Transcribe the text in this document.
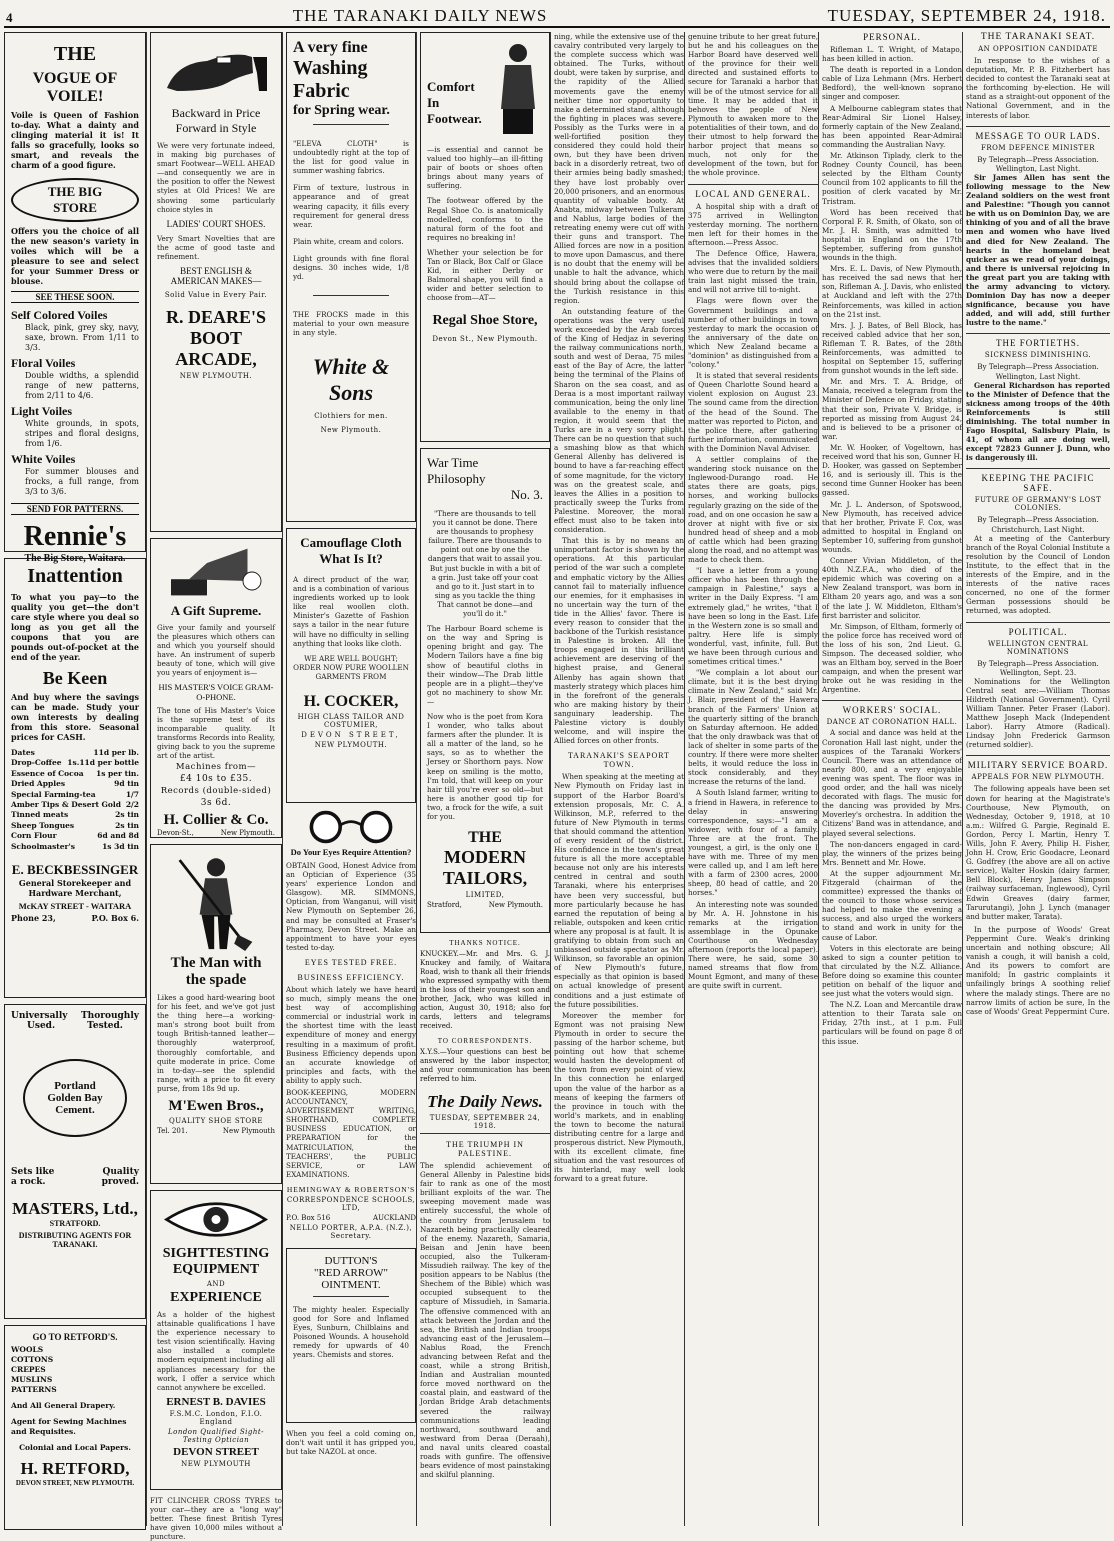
4	THE TARANAKI DAILY NEWS	TUESDAY, SEPTEMBER 24, 1918.
THE
VOGUE OF VOILE!
Voile is Queen of Fashion to-day. What a dainty and clinging material it is! It falls so gracefully, looks so smart, and reveals the charm of a good figure.
THE BIG STORE
Offers you the choice of all the new season's variety in voiles which will be a pleasure to see and select for your Summer Dress or blouse.
SEE THESE SOON.
Self Colored Voiles
Black, pink, grey sky, navy, saxe, brown. From 1/11 to 3/3.
Floral Voiles
Double widths, a splendid range of new patterns, from 2/11 to 4/6.
Light Voiles
White grounds, in spots, stripes and floral designs, from 1/6.
White Voiles
For summer blouses and frocks, a full range, from 3/3 to 3/6.
SEND FOR PATTERNS.
Rennie's
The Big Store, Waitara.
Inattention
To what you pay—to the quality you get—the don't care style where you deal so long as you get all the coupons that you are pounds out-of-pocket at the end of the year.
Be Keen
And buy where the savings can be made. Study your own interests by dealing from this store. Seasonal prices for CASH.
Dates	11d per lb.
Drop-Coffee 1s.11d per bottle
Essence of Cocoa 1s per tin.
Dried Apples	9d tin
Special Farming-tea	1/7
Amber Tips & Desert Gold 2/2
Tinned meats	2s tin
Sheep Tongues	2s tin
Corn Flour	6d and 8d
Schoolmaster's	1s 3d tin
E. BECKBESSINGER
General Storekeeper and Hardware Merchant,
McKAY STREET - WAITARA
Phone 23,	P.O. Box 6.
Universally Thoroughly
Used.	Tested.
Portland
Golden Bay
Cement.
Sets like	Quality
a rock.	proved.
MASTERS, Ltd.,
STRATFORD.
DISTRIBUTING AGENTS FOR TARANAKI.
GO TO RETFORD'S.
WOOLS
COTTONS
CREPES
MUSLINS
PATTERNS
And All General Drapery.
Agent for Sewing Machines and Requisites.
Colonial and Local Papers.
H. RETFORD,
DEVON STREET, NEW PLYMOUTH.
Backward in Price
Forward in Style
We were very fortunate indeed, in making big purchases of smart Footwear—WELL AHEAD—and consequently we are in the position to offer the Newest styles at Old Prices! We are showing some particularly choice styles in
LADIES' COURT SHOES.
Very Smart Novelties that are the acme of good taste and refinement.
BEST ENGLISH & AMERICAN MAKES—
Solid Value in Every Pair.
R. DEARE'S
BOOT
ARCADE,
NEW PLYMOUTH.
A Gift Supreme.
Give your family and yourself the pleasures which others can and which you yourself should have. An instrument of superb beauty of tone, which will give you years of enjoyment is—
HIS MASTER'S VOICE GRAM-O-PHONE.
The tone of His Master's Voice is the supreme test of its incomparable quality. It transforms Records into Reality, giving back to you the supreme art of the artist.
Machines from—
£4 10s to £35.
Records (double-sided)
3s 6d.
H. Collier & Co.
Devon-St.,	New Plymouth.
The Man with
the spade
Likes a good hard-wearing boot for his feet, and we've got just the thing here—a working-man's strong boot built from tough British-tanned leather—thoroughly waterproof, thoroughly comfortable, and quite moderate in price. Come in to-day—see the splendid range, with a price to fit every purse, from 18s 9d up.
M'Ewen Bros.,
QUALITY SHOE STORE
Tel. 201.	New Plymouth
SIGHTTESTING
EQUIPMENT
AND
EXPERIENCE
As a holder of the highest attainable qualifications I have the experience necessary to test vision scientifically. Having also installed a complete modern equipment including all appliances necessary for the work, I offer a service which cannot anywhere be excelled.
ERNEST B. DAVIES
F.S.M.C. London, F.I.O. England
London Qualified Sight-Testing Optician
DEVON STREET
NEW PLYMOUTH
FIT CLINCHER CROSS TYRES to your car—they are a "long way" better. These finest British Tyres have given 10,000 miles without a puncture.
A very fine
Washing
Fabric
for Spring wear.
"ELEVA CLOTH" is undoubtedly right at the top of the list for good value in summer washing fabrics.
Firm of texture, lustrous in appearance and of great wearing capacity, it fills every requirement for general dress wear.
Plain white, cream and colors.
Light grounds with fine floral designs. 30 inches wide, 1/8 yd.
THE FROCKS made in this material to your own measure in any style.
White & Sons
Clothiers for men.
New Plymouth.
Camouflage Cloth
What Is It?
A direct product of the war, and is a combination of various ingredients worked up to look like real woollen cloth. Minister's Gazette of Fashion says a tailor in the near future will have no difficulty in selling anything that looks like cloth.
WE ARE WELL BOUGHT; ORDER NOW PURE WOOLLEN GARMENTS FROM
H. COCKER,
HIGH CLASS TAILOR AND COSTUMIER,
DEVON STREET,
NEW PLYMOUTH.
Do Your Eyes Require Attention?
OBTAIN Good, Honest Advice from an Optician of Experience (35 years' experience London and Glasgow). MR. SIMMONS, Optician, from Wanganui, will visit New Plymouth on September 26, and may be consulted at Fraser's Pharmacy, Devon Street. Make an appointment to have your eyes tested to-day.
EYES TESTED FREE.
BUSINESS EFFICIENCY.
About which lately we have heard so much, simply means the one best way of accomplishing commercial or industrial work in the shortest time with the least expenditure of money and energy resulting in a maximum of profit. Business Efficiency depends upon an accurate knowledge of principles and facts, with the ability to apply such.
BOOK-KEEPING, MODERN ACCOUNTANCY, ADVERTISEMENT WRITING, SHORTHAND, COMPLETE BUSINESS EDUCATION, or PREPARATION for the MATRICULATION, the TEACHERS', the PUBLIC SERVICE, or LAW EXAMINATIONS.
HEMINGWAY & ROBERTSON'S
CORRESPONDENCE SCHOOLS, LTD,
P.O. Box 516	AUCKLAND
NELLO PORTER, A.P.A. (N.Z.), Secretary.
DUTTON'S
"RED ARROW"
OINTMENT.
The mighty healer. Especially good for Sore and Inflamed Eyes, Sunburn, Chilblains and Poisoned Wounds. A household remedy for upwards of 40 years. Chemists and stores.
When you feel a cold coming on, don't wait until it has gripped you, but take NAZOL at once.
Comfort
In
Footwear.
—is essential and cannot be valued too highly—an ill-fitting pair of boots or shoes often brings about many years of suffering.
The footwear offered by the Regal Shoe Co. is anatomically modelled, conforms to the natural form of the foot and requires no breaking in!
Whether your selection be for Tan or Black, Box Calf or Glace Kid, in either Derby or Balmoral shape, you will find a wider and better selection to choose from—AT—
Regal Shoe Store,
Devon St., New Plymouth.
War Time
Philosophy
No. 3.
"There are thousands to tell you it cannot be done. There are thousands to prophesy failure. There are thousands to point out one by one the dangers that wait to assail you. But just buckle in with a bit of a grin. Just take off your coat and go to it. Just start in to sing as you tackle the thing That cannot be done—and you'll do it."
The Harbour Board scheme is on the way and Spring is opening bright and gay. The Modern Tailors have a fine big show of beautiful cloths in their window—The Drab little people are in a plight—they've got no machinery to show Mr.—
Now who is the poet from Kora I wonder, who talks about farmers after the plunder. It is all a matter of the land, so he says, so as to whether the Jersey or Shorthorn pays. Now keep on smiling is the motto, I'm told, that will keep on your hair till you're ever so old—but here is another good tip for two, a frock for the wife, a suit for you.
THE
MODERN
TAILORS,
LIMITED,
Stratford,	New Plymouth.
THANKS NOTICE.
KNUCKEY.—Mr. and Mrs. G. J. Knuckey and family, of Waitara Road, wish to thank all their friends who expressed sympathy with them in the loss of their youngest son and brother, Jack, who was killed in action, August 30, 1918; also for cards, letters and telegrams received.
TO CORRESPONDENTS.
X.Y.S.—Your questions can best be answered by the labor inspector, and your communication has been referred to him.
The Daily News.
TUESDAY, SEPTEMBER 24, 1918.
THE TRIUMPH IN PALESTINE.
The splendid achievement of General Allenby in Palestine bids fair to rank as one of the most brilliant exploits of the war. The sweeping movement made was entirely successful, the whole of the country from Jerusalem to Nazareth being practically cleared of the enemy. Nazareth, Samaria, Beisan and Jenin have been occupied, also the Tulkeram-Missudieh railway. The key of the position appears to be Nablus (the Shechem of the Bible) which was occupied subsequent to the capture of Missudieh, in Samaria. The offensive commenced with an attack between the Jordan and the sea, the British and Indian troops advancing east of the Jerusalem—Nablus Road, the French advancing between Refat and the coast, while a strong British, Indian and Australian mounted force moved northward on the coastal plain, and eastward of the Jordan Bridge Arab detachments severed the railway communications leading northward, southward and westward from Deraa (Deraah), and naval units cleared coastal roads with gunfire. The offensive bears evidence of most painstaking and skilful planning.
ning, while the extensive use of the cavalry contributed very largely to the complete success which was obtained. The Turks, without doubt, were taken by surprise, and the rapidity of the Allied movements gave the enemy neither time nor opportunity to make a determined stand, although the fighting in places was severe. Possibly as the Turks were in a well-fortified position they considered they could hold their own, but they have been driven back in a disorderly retreat, two of their armies being badly smashed; they have lost probably over 20,000 prisoners, and an enormous quantity of valuable booty. At Anabta, midway between Tulkeram and Nablus, large bodies of the retreating enemy were cut off with their guns and transport. The Allied forces are now in a position to move upon Damascus, and there is no doubt that the enemy will be unable to halt the advance, which should bring about the collapse of the Turkish resistance in this region.
An outstanding feature of the operations was the very useful work exceeded by the Arab forces of the King of Hedjaz in severing the railway communications north, south and west of Deraa, 75 miles east of the Bay of Acre, the latter being the terminal of the Plains of Sharon on the sea coast, and as Deraa is a most important railway communication, being the only line available to the enemy in that region, it would seem that the Turks are in a very sorry plight. There can be no question that such a smashing blow as that which General Allenby has delivered is bound to have a far-reaching effect of some magnitude, for the victory was on the greatest scale, and leaves the Allies in a position to practically sweep the Turks from Palestine. Moreover, the moral effect must also to be taken into consideration.
That this is by no means an unimportant factor is shown by the operations. At this particular period of the war such a complete and emphatic victory by the Allies cannot fail to materially influence our enemies, for it emphasises in no uncertain way the turn of the tide in the Allies' favor. There is every reason to consider that the backbone of the Turkish resistance in Palestine is broken. All the troops engaged in this brilliant achievement are deserving of the highest praise, and General Allenby has again shown that masterly strategy which places him in the forefront of the generals who are making history by their sanguinary leadership. The Palestine victory is doubly welcome, and will inspire the Allied forces on other fronts.
TARANAKI'S SEAPORT TOWN.
When speaking at the meeting at New Plymouth on Friday last in support of the Harbor Board's extension proposals, Mr. C. A. Wilkinson, M.P., referred to the future of New Plymouth in terms that should command the attention of every resident of the district. His confidence in the town's great future is all the more acceptable because not only are his interests centred in central and south Taranaki, where his enterprises have been very successful, but more particularly because he has earned the reputation of being a reliable, outspoken and keen critic where any proposal is at fault. It is gratifying to obtain from such an unbiassed outside spectator as Mr. Wilkinson, so favorable an opinion of New Plymouth's future, especially as that opinion is based on actual knowledge of present conditions and a just estimate of the future possibilities.
Moreover the member for Egmont was not praising New Plymouth in order to secure the passing of the harbor scheme, but pointing out how that scheme would hasten the development of the town from every point of view. In this connection he enlarged upon the value of the harbor as a means of keeping the farmers of the province in touch with the world's markets, and in enabling the town to become the natural distributing centre for a large and prosperous district. New Plymouth, with its excellent climate, fine situation and the vast resources of its hinterland, may well look forward to a great future.
genuine tribute to her great future, but he and his colleagues on the Harbor Board have deserved well of the province for their well directed and sustained efforts to secure for Taranaki a harbor that will be of the utmost service for all time. It may be added that it behoves the people of New Plymouth to awaken more to the potentialities of their town, and do their utmost to help forward the harbor project that means so much, not only for the development of the town, but for the whole province.
LOCAL AND GENERAL.
A hospital ship with a draft of 375 arrived in Wellington yesterday morning. The northern men left for their homes in the afternoon.—Press Assoc.
The Defence Office, Hawera, advises that the invalided soldiers who were due to return by the mail train last night missed the train, and will not arrive till to-night.
Flags were flown over the Government buildings and a number of other buildings in town yesterday to mark the occasion of the anniversary of the date on which New Zealand became a "dominion" as distinguished from a "colony."
It is stated that several residents of Queen Charlotte Sound heard a violent explosion on August 23. The sound came from the direction of the head of the Sound. The matter was reported to Picton, and the police there, after gathering further information, communicated with the Dominion Naval Adviser.
A settler complains of the wandering stock nuisance on the Inglewood-Durango road. He states there are goats, pigs, horses, and working bullocks regularly grazing on the side of the road, and on one occasion he saw a drover at night with five or six hundred head of sheep and a mob of cattle which had been grazing along the road, and no attempt was made to check them.
"I have a letter from a young officer who has been through the campaign in Palestine," says a writer in the Daily Express. "I am extremely glad," he writes, "that I have been so long in the East. Life in the Western zone is so small and paltry. Here life is simply wonderful, vast, infinite, full. But we have been through curious and sometimes critical times."
"We complain a lot about our climate, but it is the best drying climate in New Zealand," said Mr. J. Blair, president of the Hawera branch of the Farmers' Union at the quarterly sitting of the branch on Saturday afternoon. He added that the only drawback was that of lack of shelter in some parts of the country. If there were more shelter belts, it would reduce the loss in stock considerably, and they increase the returns of the land.
A South Island farmer, writing to a friend in Hawera, in reference to delay in answering correspondence, says:—"I am a widower, with four of a family. Three are at the front. The youngest, a girl, is the only one I have with me. Three of my men were called up, and I am left here with a farm of 2300 acres, 2000 sheep, 80 head of cattle, and 20 horses."
An interesting note was sounded by Mr. A. H. Johnstone in his remarks at the irrigation assemblage in the Opunake Courthouse on Wednesday afternoon (reports the local paper). There were, he said, some 30 named streams that flow from Mount Egmont, and many of these are quite swift in current.
PERSONAL.
Rifleman L. T. Wright, of Matapo, has been killed in action.
The death is reported in a London cable of Liza Lehmann (Mrs. Herbert Bedford), the well-known soprano singer and composer.
A Melbourne cablegram states that Rear-Admiral Sir Lionel Halsey, formerly captain of the New Zealand, has been appointed Rear-Admiral commanding the Australian Navy.
Mr. Atkinson Tiplady, clerk to the Rodney County Council, has been selected by the Eltham County Council from 102 applicants to fill the position of clerk vacated by Mr. Tristram.
Word has been received that Corporal F. R. Smith, of Okato, son of Mr. J. H. Smith, was admitted to hospital in England on the 17th September, suffering from gunshot wounds in the thigh.
Mrs. E. L. Davis, of New Plymouth, has received the sad news that her son, Rifleman A. J. Davis, who enlisted at Auckland and left with the 27th Reinforcements, was killed in action on the 21st inst.
Mrs. J. J. Bates, of Bell Block, has received cabled advice that her son, Rifleman T. R. Bates, of the 28th Reinforcements, was admitted to hospital on September 15, suffering from gunshot wounds in the left side.
Mr. and Mrs. T. A. Bridge, of Manaia, received a telegram from the Minister of Defence on Friday, stating that their son, Private V. Bridge, is reported as missing from August 24, and is believed to be a prisoner of war.
Mr. W. Hooker, of Vogeltown, has received word that his son, Gunner H. D. Hooker, was gassed on September 16, and is seriously ill. This is the second time Gunner Hooker has been gassed.
Mr. J. L. Anderson, of Spotswood, New Plymouth, has received advice that her brother, Private F. Cox, was admitted to hospital in England on September 10, suffering from gunshot wounds.
Conner Vivian Middleton, of the 40th N.Z.F.A., who died of the epidemic which was covering on a New Zealand transport, was born in Eltham 20 years ago, and was a son of the late J. W. Middleton, Eltham's first barrister and solicitor.
Mr. Simpson, of Eltham, formerly of the police force has received word of the loss of his son, 2nd Lieut. G. Simpson. The deceased soldier, who was an Eltham boy, served in the Boer campaign, and when the present war broke out he was residing in the Argentine.
WORKERS' SOCIAL.
DANCE AT CORONATION HALL.
A social and dance was held at the Coronation Hall last night, under the auspices of the Taranaki Workers' Council. There was an attendance of nearly 800, and a very enjoyable evening was spent. The floor was in good order, and the hall was nicely decorated with flags. The music for the dancing was provided by Mrs. Moverley's orchestra. In addition the Citizens' Band was in attendance, and played several selections.
The non-dancers engaged in card-play, the winners of the prizes being Mrs. Bennett and Mr. Howe.
At the supper adjournment Mr. Fitzgerald (chairman of the committee) expressed the thanks of the council to those whose services had helped to make the evening a success, and also urged the workers to stand and work in unity for the cause of Labor.
Voters in this electorate are being asked to sign a counter petition to that circulated by the N.Z. Alliance. Before doing so examine this counter petition on behalf of the liquor and see just what the voters would sign.
The N.Z. Loan and Mercantile draw attention to their Tarata sale on Friday, 27th inst., at 1 p.m. Full particulars will be found on page 8 of this issue.
THE TARANAKI SEAT.
AN OPPOSITION CANDIDATE
In response to the wishes of a deputation, Mr. P. B. Fitzherbert has decided to contest the Taranaki seat at the forthcoming by-election. He will stand as a straight-out opponent of the National Government, and in the interests of labor.
MESSAGE TO OUR LADS.
FROM DEFENCE MINISTER
By Telegraph—Press Association. Wellington, Last Night.
Sir James Allen has sent the following message to the New Zealand soldiers on the west front and Palestine: "Though you cannot be with us on Dominion Day, we are thinking of you and of all the brave men and women who have lived and died for New Zealand. The hearts in the homeland beat quicker as we read of your doings, and there is universal rejoicing in the great part you are taking with the army advancing to victory. Dominion Day has now a deeper significance, because you have added, and will add, still further lustre to the name."
THE FORTIETHS.
SICKNESS DIMINISHING.
By Telegraph—Press Association. Wellington, Last Night.
General Richardson has reported to the Minister of Defence that the sickness among troops of the 40th Reinforcements is still diminishing. The total number in Fago Hospital, Salisbury Plain, is 41, of whom all are doing well, except 72823 Gunner J. Dunn, who is dangerously ill.
KEEPING THE PACIFIC SAFE.
FUTURE OF GERMANY'S LOST COLONIES.
By Telegraph—Press Association. Christchurch, Last Night.
At a meeting of the Canterbury branch of the Royal Colonial Institute a resolution by the Council of London Institute, to the effect that in the interests of the Empire, and in the interests of the native races concerned, no one of the former German possessions should be returned, was adopted.
POLITICAL.
WELLINGTON CENTRAL NOMINATIONS
By Telegraph—Press Association. Wellington, Sept. 23.
Nominations for the Wellington Central seat are:—William Thomas Hildreth (National Government). Cyril William Tanner. Peter Fraser (Labor). Matthew Joseph Mack (Independent Labor). Harry Atmore (Radical). Lindsay John Frederick Garmson (returned soldier).
MILITARY SERVICE BOARD.
APPEALS FOR NEW PLYMOUTH.
The following appeals have been set down for hearing at the Magistrate's Courthouse, New Plymouth, on Wednesday, October 9, 1918, at 10 a.m.: Wilfred G. Pargie, Reginald E. Gordon, Percy I. Martin, Henry T. Wills, John F. Avery, Philip H. Fisher, John H. Crow, Eric Goodacre, Leonard G. Godfrey (the above are all on active service), Walter Hoskin (dairy farmer, Bell Block), Henry James Simpson (railway surfaceman, Inglewood), Cyril Edwin Greaves (dairy farmer, Tarurutangi), John J. Lynch (manager and butter maker, Tarata).
In the purpose of Woods' Great Peppermint Cure. Weak's drinking uncertain and nothing obscure; All vanish a cough, it will banish a cold, And its powers to comfort are manifold; In gastric complaints it unfailingly brings A soothing relief where the malady stings. There are no narrow limits of action be sure, In the case of Woods' Great Peppermint Cure.
